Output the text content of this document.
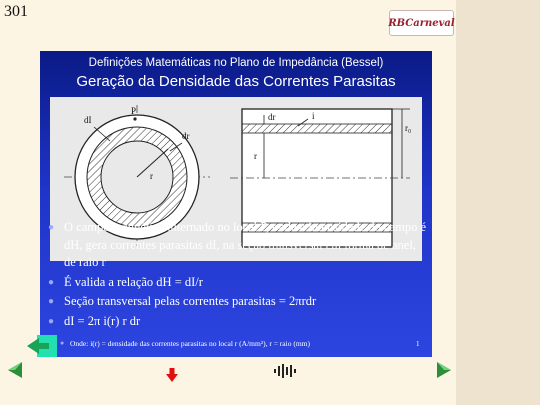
301
RBCarneval
Definições Matemáticas no Plano de Impedância (Bessel)
Geração da Densidade das Correntes Parasitas
dI
P
dr
r
dr	i
r
r₀
● O campo magnético alternado no local P, onde a intensidade do campo é dH, gera correntes parasitas dI, na seção transversal em forma de anel, de raio r
● É valida a relação dH = dI/r
● Seção transversal pelas correntes parasitas = 2πrdr
● dI = 2π i(r) r dr
● Onde: i(r) = densidade das correntes parasitas no local r (A/mm²), r = raio (mm)	1
